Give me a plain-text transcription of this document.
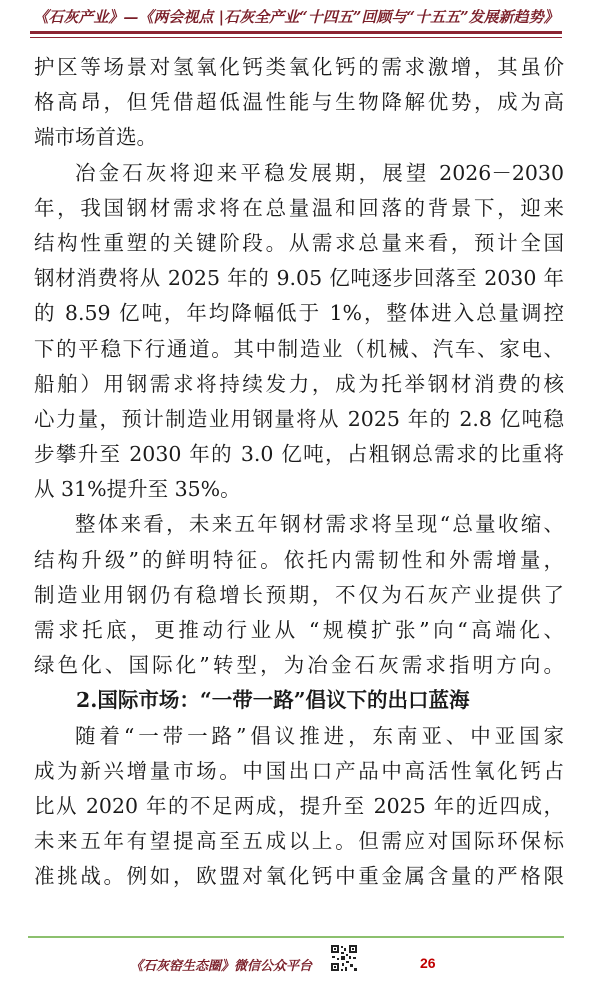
《石灰产业》—《两会视点 |石灰全产业“十四五”回顾与“十五五”发展新趋势》
护区等场景对氢氧化钙类氧化钙的需求激增，其虽价
格高昂，但凭借超低温性能与生物降解优势，成为高
端市场首选。
冶金石灰将迎来平稳发展期，展望 2026－2030
年，我国钢材需求将在总量温和回落的背景下，迎来
结构性重塑的关键阶段。从需求总量来看，预计全国
钢材消费将从 2025 年的 9.05 亿吨逐步回落至 2030 年
的 8.59 亿吨，年均降幅低于 1%，整体进入总量调控
下的平稳下行通道。其中制造业（机械、汽车、家电、
船舶）用钢需求将持续发力，成为托举钢材消费的核
心力量，预计制造业用钢量将从 2025 年的 2.8 亿吨稳
步攀升至 2030 年的 3.0 亿吨，占粗钢总需求的比重将
从 31%提升至 35%。
整体来看，未来五年钢材需求将呈现“总量收缩、
结构升级”的鲜明特征。依托内需韧性和外需增量，
制造业用钢仍有稳增长预期，不仅为石灰产业提供了
需求托底，更推动行业从 “规模扩张”向“高端化、
绿色化、国际化”转型，为冶金石灰需求指明方向。
2.国际市场：“一带一路”倡议下的出口蓝海
随着“一带一路”倡议推进，东南亚、中亚国家
成为新兴增量市场。中国出口产品中高活性氧化钙占
比从 2020 年的不足两成，提升至 2025 年的近四成，
未来五年有望提高至五成以上。但需应对国际环保标
准挑战。例如，欧盟对氧化钙中重金属含量的严格限
《石灰窑生态圈》微信公众平台	26
